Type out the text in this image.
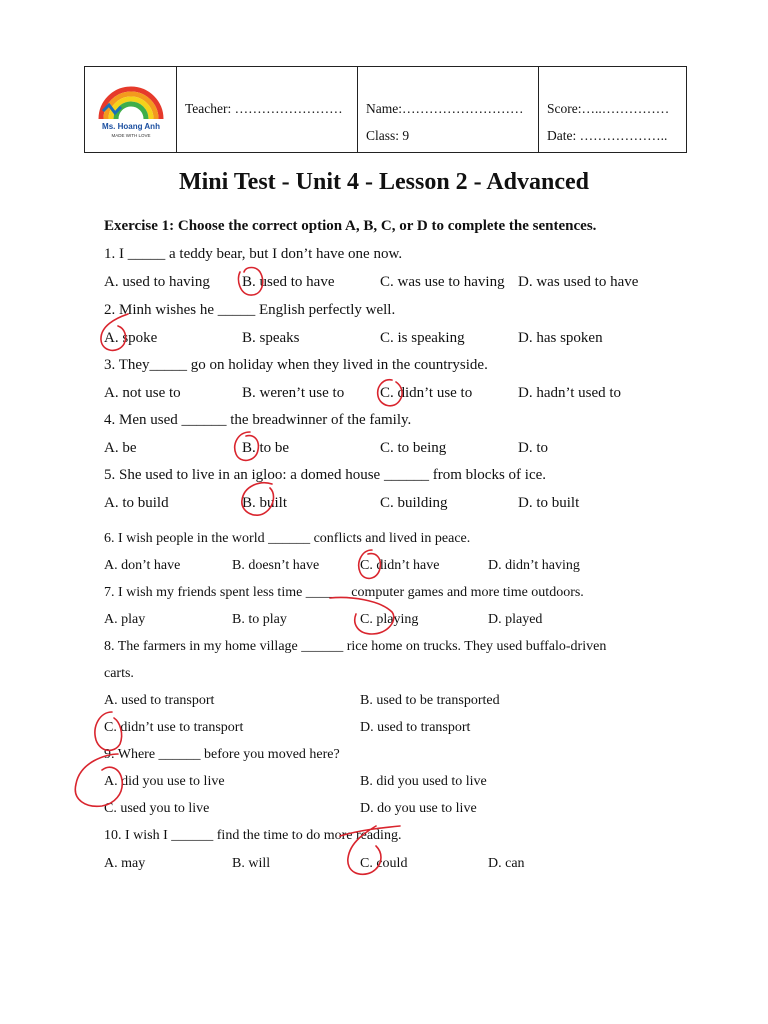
Ms. Hoang Anh
MADE WITH LOVE

Teacher: ……………………	Name:………………………
Class: 9

Score:…..……………
Date: ………………..
Mini Test - Unit 4 - Lesson 2 - Advanced
Exercise 1: Choose the correct option A, B, C, or D to complete the sentences.
1. I _____ a teddy bear, but I don’t have one now.
A. used to having B. used to have	C. was use to having D. was used to have
2. Minh wishes he _____ English perfectly well.
A. spoke	B. speaks	C. is speaking	D. has spoken
3. They_____ go on holiday when they lived in the countryside.
A. not use to	B. weren’t use to C. didn’t use to	D. hadn’t used to
4. Men used ______ the breadwinner of the family.
A. be	B. to be	C. to being	D. to
5. She used to live in an igloo: a domed house ______ from blocks of ice.
A. to build	B. built	C. building	D. to built
6. I wish people in the world ______ conflicts and lived in peace.
A. don’t have	B. doesn’t have	C. didn’t have	D. didn’t having
7. I wish my friends spent less time ______ computer games and more time outdoors.
A. play	B. to play	C. playing	D. played
8. The farmers in my home village ______ rice home on trucks. They used buffalo-driven
carts.
A. used to transport	B. used to be transported
C. didn’t use to transport	D. used to transport
9. Where ______ before you moved here?
A. did you use to live	B. did you used to live
C. used you to live	D. do you use to live
10. I wish I ______ find the time to do more reading.
A. may	B. will	C. could	D. can
